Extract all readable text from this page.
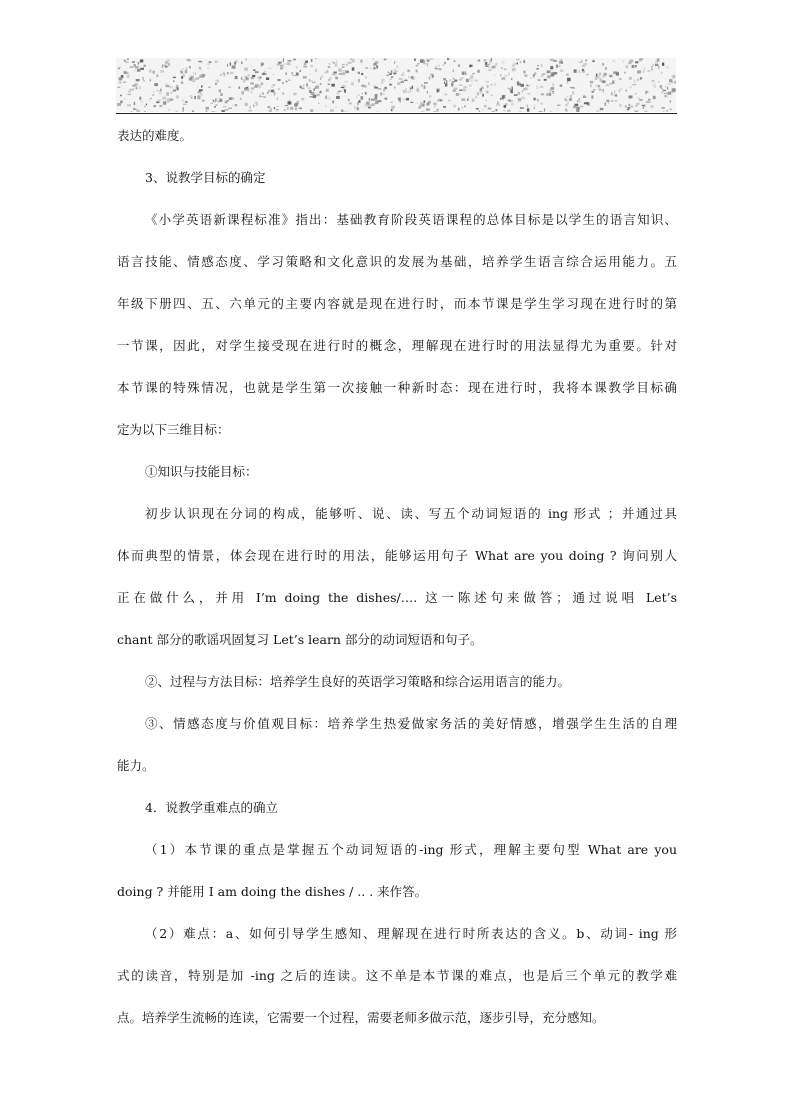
表达的难度。
3、说教学目标的确定
《小学英语新课程标准》指出：基础教育阶段英语课程的总体目标是以学生的语言知识、
语言技能、情感态度、学习策略和文化意识的发展为基础，培养学生语言综合运用能力。五
年级下册四、五、六单元的主要内容就是现在进行时，而本节课是学生学习现在进行时的第
一节课，因此，对学生接受现在进行时的概念，理解现在进行时的用法显得尤为重要。针对
本节课的特殊情况，也就是学生第一次接触一种新时态：现在进行时，我将本课教学目标确
定为以下三维目标：
①知识与技能目标：
初步认识现在分词的构成，能够听、说、读、写五个动词短语的 ing 形式 ；并通过具
体而典型的情景，体会现在进行时的用法，能够运用句子 What are you doing ? 询问别人
正在做什么，并用 I’m doing the dishes/…. 这一陈述句来做答；通过说唱 Let’s
chant 部分的歌谣巩固复习 Let’s learn 部分的动词短语和句子。
②、过程与方法目标：培养学生良好的英语学习策略和综合运用语言的能力。
③、情感态度与价值观目标：培养学生热爱做家务活的美好情感，增强学生生活的自理
能力。
4．说教学重难点的确立
（1）本节课的重点是掌握五个动词短语的-ing 形式，理解主要句型 What are you
doing ? 并能用 I am doing the dishes / .. . 来作答。
（2）难点：a、如何引导学生感知、理解现在进行时所表达的含义。b、动词- ing 形
式的读音，特别是加 -ing 之后的连读。这不单是本节课的难点，也是后三个单元的教学难
点。培养学生流畅的连读，它需要一个过程，需要老师多做示范，逐步引导，充分感知。
